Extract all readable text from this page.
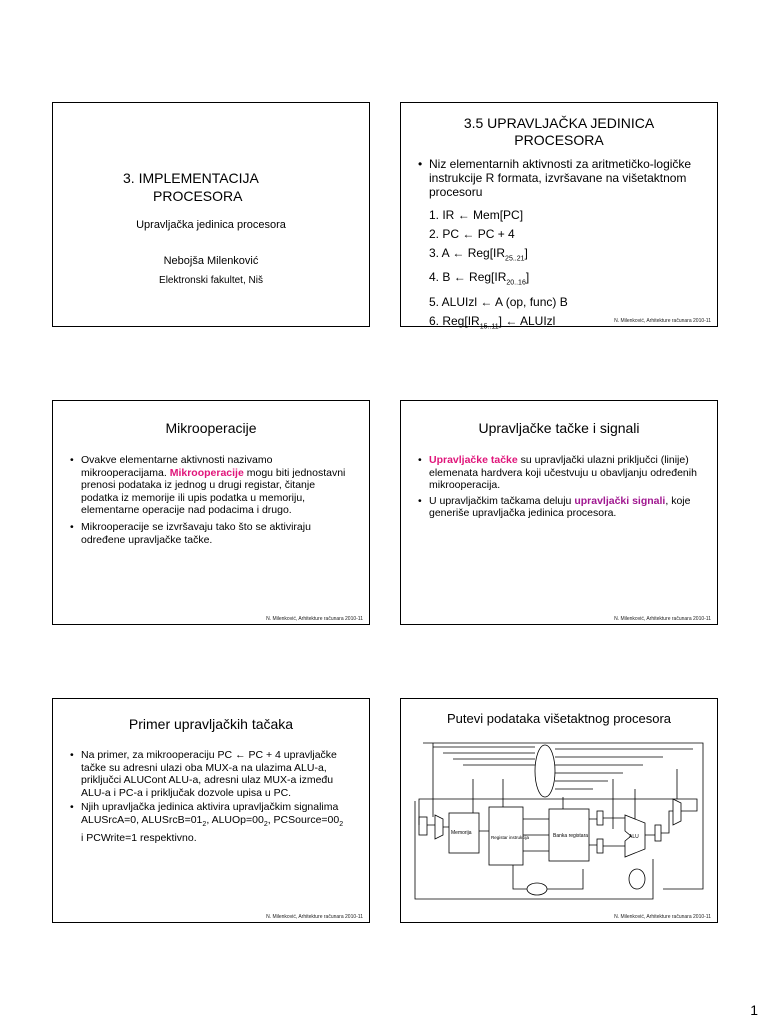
3. IMPLEMENTACIJA
PROCESORA
Upravljačka jedinica procesora
Nebojša Milenković
Elektronski fakultet, Niš
3.5 UPRAVLJAČKA JEDINICA
PROCESORA
• Niz elementarnih aktivnosti za aritmetičko-logičke instrukcije R formata, izvršavane na višetaktnom procesoru
1. IR ← Mem[PC]
2. PC ← PC + 4
3. A ← $Reg[IR_{25..21}]$
4. B ← $Reg[IR_{20..16}]$
5. ALUIzl ← A (op, func) B
6. $Reg[IR_{15..11}]$ ← ALUIzl	N. Milenković, Arhitekture računara 2010-11
Mikrooperacije
• Ovakve elementarne aktivnosti nazivamo mikrooperacijama. Mikrooperacije mogu biti jednostavni prenosi podataka iz jednog u drugi registar, čitanje podatka iz memorije ili upis podatka u memoriju, elementarne operacije nad podacima i drugo.
• Mikrooperacije se izvršavaju tako što se aktiviraju određene upravljačke tačke.
N. Milenković, Arhitekture računara 2010-11
Upravljačke tačke i signali
• Upravljačke tačke su upravljački ulazni priključci (linije) elemenata hardvera koji učestvuju u obavljanju određenih mikrooperacija.
• U upravljačkim tačkama deluju upravljački signali, koje generiše upravljačka jedinica procesora.
N. Milenković, Arhitekture računara 2010-11
Primer upravljačkih tačaka
• Na primer, za mikrooperaciju PC ← PC + 4 upravljačke tačke su adresni ulazi oba MUX-a na ulazima ALU-a, priključci ALUCont ALU-a, adresni ulaz MUX-a između ALU-a i PC-a i priključak dozvole upisa u PC.
• Njih upravljačka jedinica aktivira upravljačkim signalima ALUSrcA=0, $ALUSrcB=01_2$, $ALUOp=00_2$, $PCSource=00_2$ i PCWrite=1 respektivno.
N. Milenković, Arhitekture računara 2010-11
Putevi podataka višetaktnog procesora
Memorija
Registar instrukcija	Banka registara	ALU
N. Milenković, Arhitekture računara 2010-11
1
